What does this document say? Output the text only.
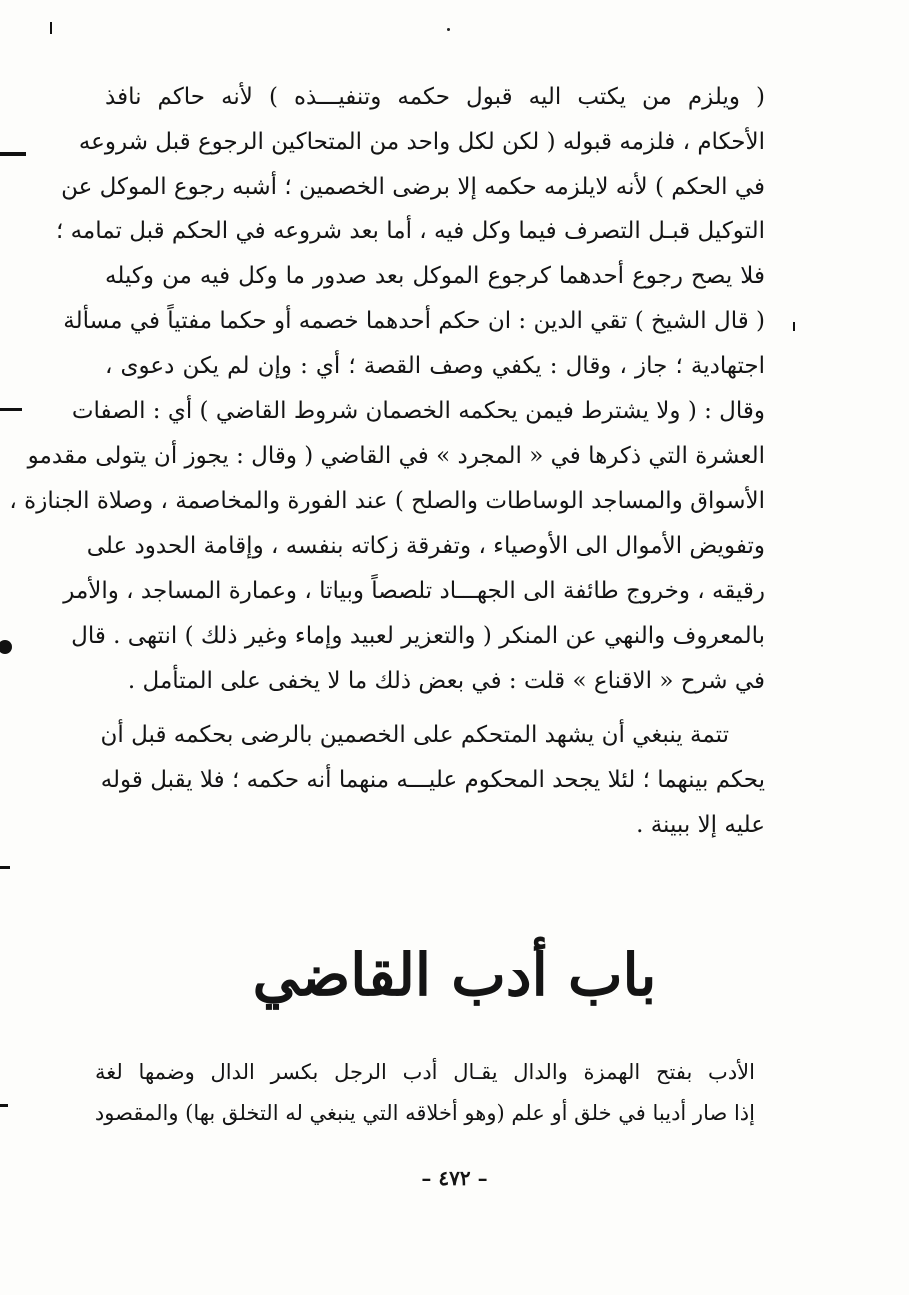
( ويلزم من يكتب اليه قبول حكمه وتنفيـــذه ) لأنه حاكم نافذ
الأحكام ، فلزمه قبوله ( لكن لكل واحد من المتحاكين الرجوع قبل شروعه
في الحكم ) لأنه لايلزمه حكمه إلا برضى الخصمين ؛ أشبه رجوع الموكل عن
التوكيل قبـل التصرف فيما وكل فيه ، أما بعد شروعه في الحكم قبل تمامه ؛
فلا يصح رجوع أحدهما كرجوع الموكل بعد صدور ما وكل فيه من وكيله
( قال الشيخ ) تقي الدين : ان حكم أحدهما خصمه أو حكما مفتياً في مسألة
اجتهادية ؛ جاز ، وقال : يكفي وصف القصة ؛ أي : وإن لم يكن دعوى ،
وقال : ( ولا يشترط فيمن يحكمه الخصمان شروط القاضي ) أي : الصفات
العشرة التي ذكرها في « المجرد » في القاضي ( وقال : يجوز أن يتولى مقدمو
الأسواق والمساجد الوساطات والصلح ) عند الفورة والمخاصمة ، وصلاة الجنازة ،
وتفويض الأموال الى الأوصياء ، وتفرقة زكاته بنفسه ، وإقامة الحدود على
رقيقه ، وخروج طائفة الى الجهـــاد تلصصاً وبياتا ، وعمارة المساجد ، والأمر
بالمعروف والنهي عن المنكر ( والتعزير لعبيد وإماء وغير ذلك ) انتهى . قال
في شرح « الاقناع » قلت : في بعض ذلك ما لا يخفى على المتأمل .
تتمة ينبغي أن يشهد المتحكم على الخصمين بالرضى بحكمه قبل أن
يحكم بينهما ؛ لئلا يجحد المحكوم عليـــه منهما أنه حكمه ؛ فلا يقبل قوله
عليه إلا ببينة .
باب أدب القاضي
الأدب بفتح الهمزة والدال يقـال أدب الرجل بكسر الدال وضمها لغة
إذا صار أديبا في خلق أو علم (وهو أخلاقه التي ينبغي له التخلق بها) والمقصود
– ٤٧٢ –
